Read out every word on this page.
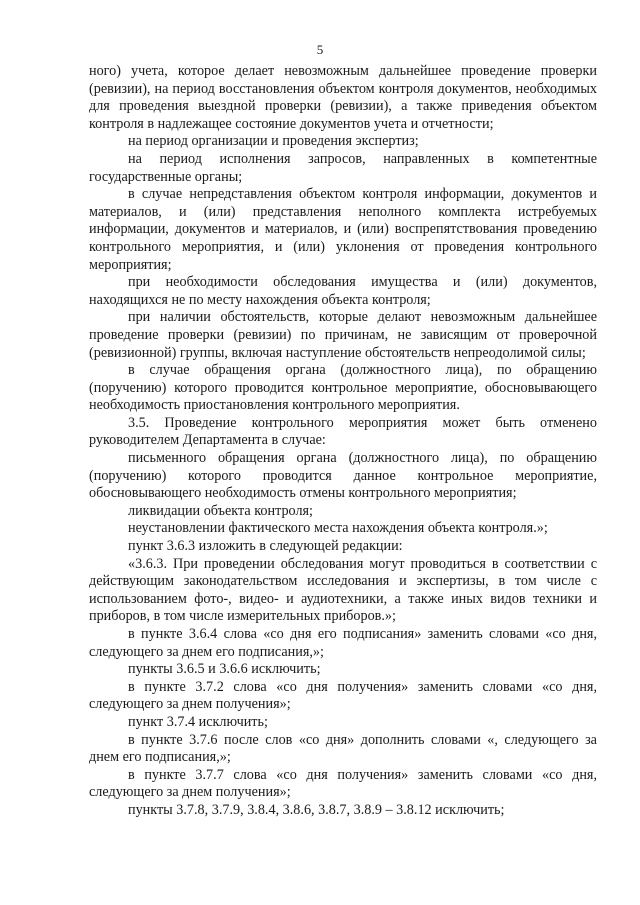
5

ного) учета, которое делает невозможным дальнейшее проведение проверки (ревизии), на период восстановления объектом контроля документов, необходимых для проведения выездной проверки (ревизии), а также приведения объектом контроля в надлежащее состояние документов учета и отчетности;

на период организации и проведения экспертиз;

на период исполнения запросов, направленных в компетентные государственные органы;

в случае непредставления объектом контроля информации, документов и материалов, и (или) представления неполного комплекта истребуемых информации, документов и материалов, и (или) воспрепятствования проведению контрольного мероприятия, и (или) уклонения от проведения контрольного мероприятия;

при необходимости обследования имущества и (или) документов, находящихся не по месту нахождения объекта контроля;

при наличии обстоятельств, которые делают невозможным дальнейшее проведение проверки (ревизии) по причинам, не зависящим от проверочной (ревизионной) группы, включая наступление обстоятельств непреодолимой силы;

в случае обращения органа (должностного лица), по обращению (поручению) которого проводится контрольное мероприятие, обосновывающего необходимость приостановления контрольного мероприятия.

3.5. Проведение контрольного мероприятия может быть отменено руководителем Департамента в случае:

письменного обращения органа (должностного лица), по обращению (поручению) которого проводится данное контрольное мероприятие, обосновывающего необходимость отмены контрольного мероприятия;

ликвидации объекта контроля;

неустановлении фактического места нахождения объекта контроля.»;

пункт 3.6.3 изложить в следующей редакции:

«3.6.3. При проведении обследования могут проводиться в соответствии с действующим законодательством исследования и экспертизы, в том числе с использованием фото-, видео- и аудиотехники, а также иных видов техники и приборов, в том числе измерительных приборов.»;

в пункте 3.6.4 слова «со дня его подписания» заменить словами «со дня, следующего за днем его подписания,»;

пункты 3.6.5 и 3.6.6 исключить;

в пункте 3.7.2 слова «со дня получения» заменить словами «со дня, следующего за днем получения»;

пункт 3.7.4 исключить;

в пункте 3.7.6 после слов «со дня» дополнить словами «, следующего за днем его подписания,»;

в пункте 3.7.7 слова «со дня получения» заменить словами «со дня, следующего за днем получения»;

пункты 3.7.8, 3.7.9, 3.8.4, 3.8.6, 3.8.7, 3.8.9 – 3.8.12 исключить;
